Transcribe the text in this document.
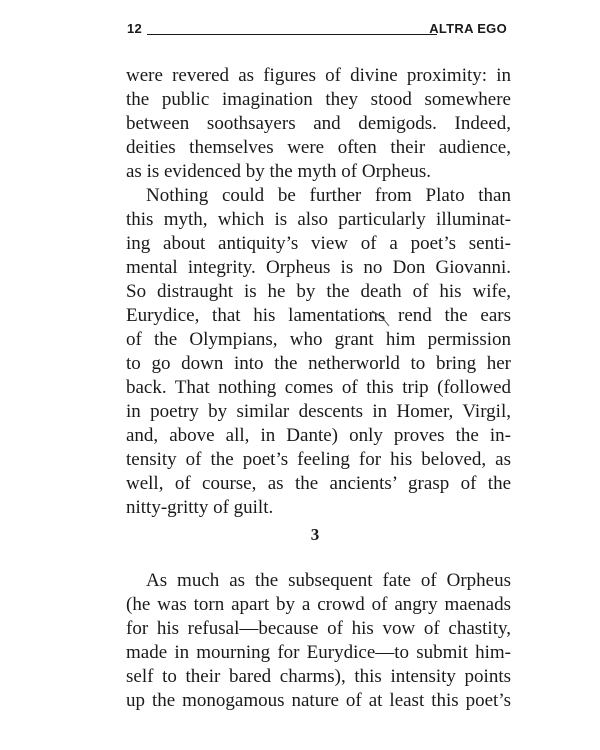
12	ALTRA EGO
were revered as figures of divine proximity: in
the public imagination they stood somewhere
between soothsayers and demigods. Indeed,
deities themselves were often their audience,
as is evidenced by the myth of Orpheus.
Nothing could be further from Plato than
this myth, which is also particularly illuminat-
ing about antiquity’s view of a poet’s senti-
mental integrity. Orpheus is no Don Giovanni.
So distraught is he by the death of his wife,
Eurydice, that his lamentations rend the ears
of the Olympians, who grant him permission
to go down into the netherworld to bring her
back. That nothing comes of this trip (followed
in poetry by similar descents in Homer, Virgil,
and, above all, in Dante) only proves the in-
tensity of the poet’s feeling for his beloved, as
well, of course, as the ancients’ grasp of the
nitty-gritty of guilt.
3
As much as the subsequent fate of Orpheus
(he was torn apart by a crowd of angry maenads
for his refusal—because of his vow of chastity,
made in mourning for Eurydice—to submit him-
self to their bared charms), this intensity points
up the monogamous nature of at least this poet’s
